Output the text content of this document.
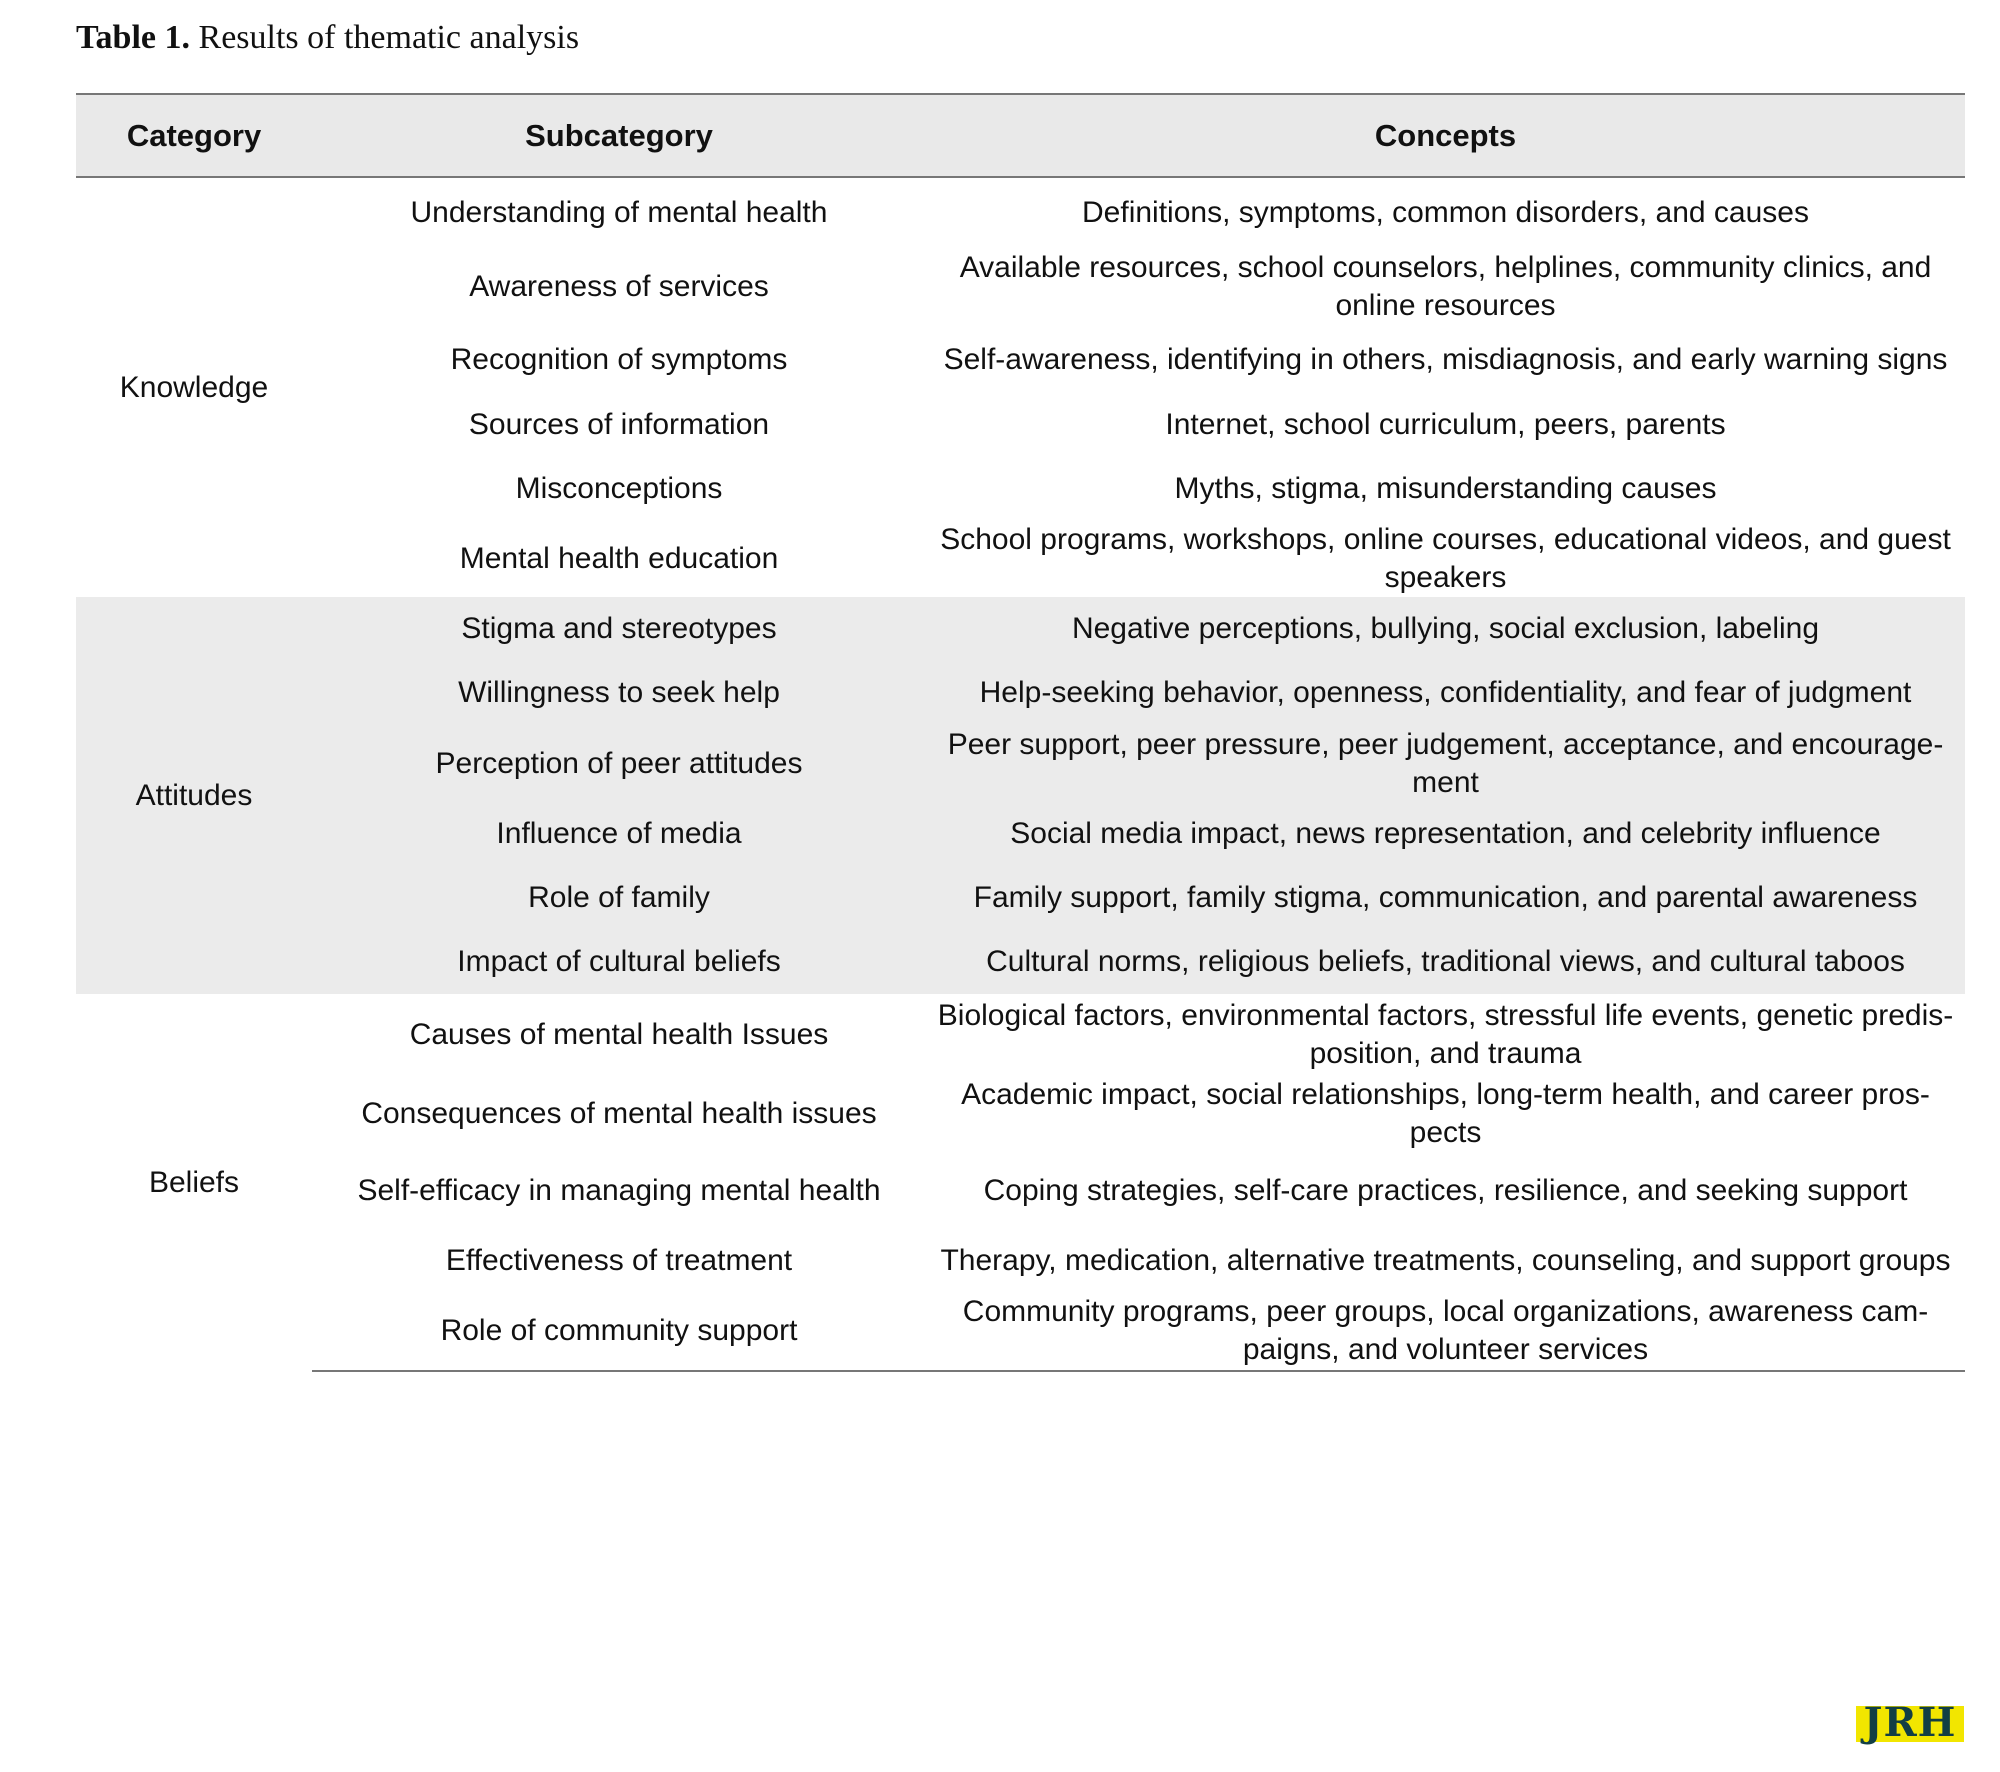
Table 1. Results of thematic analysis
Category	Subcategory	Concepts
Knowledge	Understanding of mental health	Definitions, symptoms, common disorders, and causes
	Awareness of services	Available resources, school counselors, helplines, community clinics, and online resources
	Recognition of symptoms	Self-awareness, identifying in others, misdiagnosis, and early warning signs
	Sources of information	Internet, school curriculum, peers, parents
	Misconceptions	Myths, stigma, misunderstanding causes
	Mental health education	School programs, workshops, online courses, educational videos, and guest speakers
Attitudes	Stigma and stereotypes	Negative perceptions, bullying, social exclusion, labeling
	Willingness to seek help	Help-seeking behavior, openness, confidentiality, and fear of judgment
	Perception of peer attitudes	Peer support, peer pressure, peer judgement, acceptance, and encourage-ment
	Influence of media	Social media impact, news representation, and celebrity influence
	Role of family	Family support, family stigma, communication, and parental awareness
	Impact of cultural beliefs	Cultural norms, religious beliefs, traditional views, and cultural taboos
Beliefs	Causes of mental health Issues	Biological factors, environmental factors, stressful life events, genetic predis-position, and trauma
	Consequences of mental health issues	Academic impact, social relationships, long-term health, and career pros-pects
	Self-efficacy in managing mental health	Coping strategies, self-care practices, resilience, and seeking support
	Effectiveness of treatment	Therapy, medication, alternative treatments, counseling, and support groups
	Role of community support	Community programs, peer groups, local organizations, awareness cam-paigns, and volunteer services
JRH
